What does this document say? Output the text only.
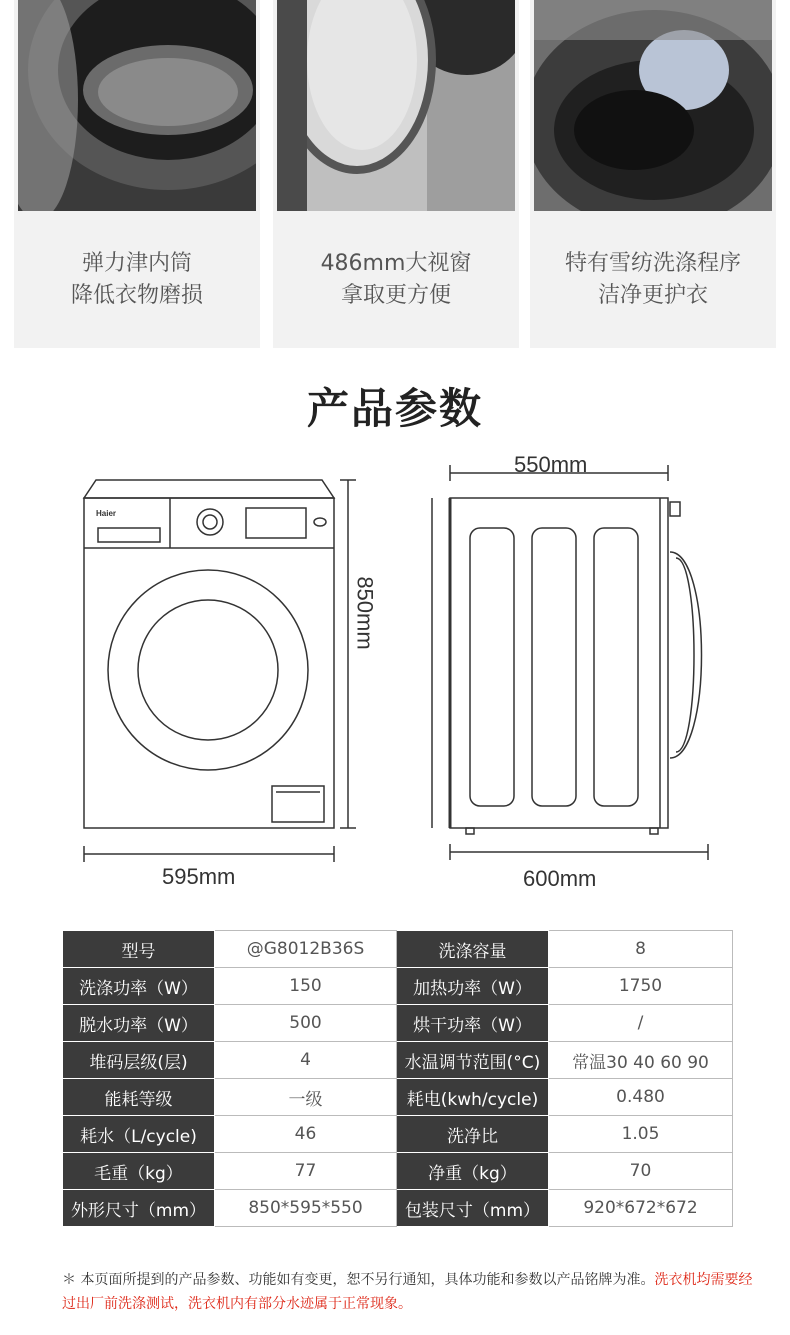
弹力津内筒
降低衣物磨损
486mm大视窗
拿取更方便
特有雪纺洗涤程序
洁净更护衣
产品参数
Haier
595mm
550mm
600mm
850mm
型号	@G8012B36S	洗涤容量	8
洗涤功率（W）	150	加热功率（W）	1750
脱水功率（W）	500	烘干功率（W）	/
堆码层级(层)	4	水温调节范围(°C)	常温30 40 60 90
能耗等级	一级	耗电(kwh/cycle)	0.480
耗水（L/cycle)	46	洗净比	1.05
毛重（kg）	77	净重（kg）	70
外形尺寸（mm）	850*595*550	包装尺寸（mm）	920*672*672
＊ 本页面所提到的产品参数、功能如有变更，恕不另行通知，具体功能和参数以产品铭牌为准。洗衣机均需要经过出厂前洗涤测试，洗衣机内有部分水迹属于正常现象。
